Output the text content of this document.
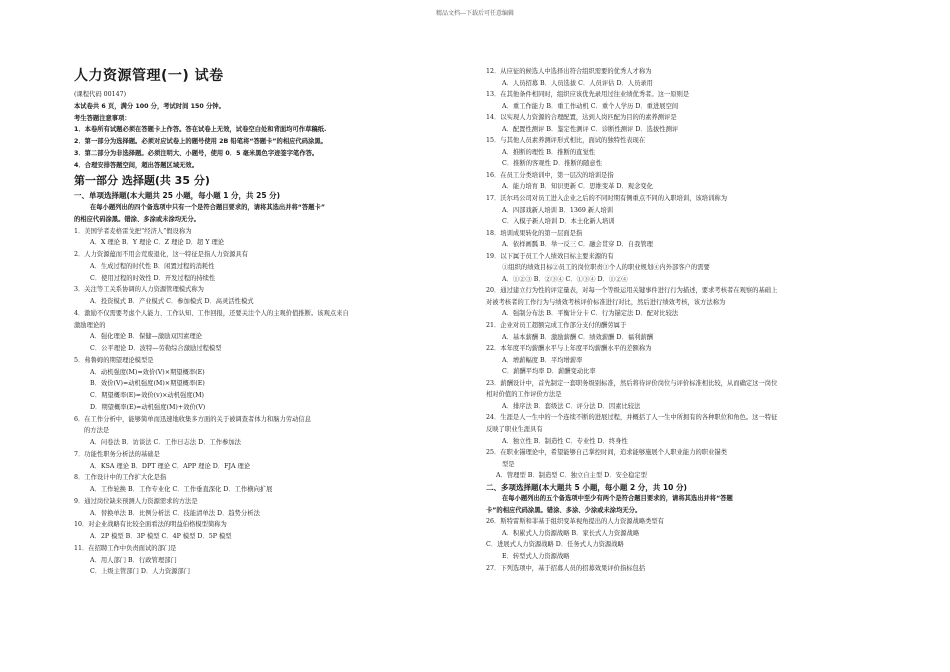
精品文档---下载后可任意编辑
人力资源管理(一) 试卷
(课程代码 00147)
本试卷共 6 页，满分 100 分，考试时间 150 分钟。
考生答题注意事项：
1．本卷所有试题必须在答题卡上作答。答在试卷上无效，试卷空白处和背面均可作草稿纸.
2．第一部分为选择题。必须对应试卷上的题号使用 2B 铅笔将“答题卡”的相应代码涂黑。
3．第二部分为非选择题。必须注明大、小题号，使用 0．5 毫米黑色字迹签字笔作答。
4．合理安排答题空间，超出答题区域无效。
第一部分 选择题(共 35 分)
一、单项选择题(本大题共 25 小题，每小题 1 分，共 25 分)
在每小题列出的四个备选项中只有一个是符合题目要求的，请将其选出并将“答题卡”
的相应代码涂黑。错涂、多涂或未涂均无分。
1．美国学者麦格雷戈把“经济人”假设称为
A．X 理论 B．Y 理论 C．Z 理论 D．超 Y 理论
2．人力资源蕴而不用会荒废退化，这一特征是指人力资源具有
A．生成过程的时代性 B．闲置过程的消耗性
C．使用过程的时效性 D．开发过程的持续性
3．关注等工关系协调的人力资源管理模式称为
A．投资模式 B．产业模式 C．参加模式 D．高灵活性模式
4．激励不仅需要考虑个人能力、工作认知、工作回报，还要关注个人的主观价值推断。该观点来自
激励理论的
A．强化理论 B．保健—激励双因素理论
C．公平理论 D．波特—劳勒综合激励过程模型
5．弗鲁姆的期望理论模型是
A．动机强度(M)=效价(V)×期望概率(E)
B．效价(V)=动机强度(M)×期望概率(E)
C．期望概率(E)=效价(v)×动机强度(M)
D．期望概率(E)=动机强度(M)+效价(V)
6．在工作分析中，能够简单而迅速地收集多方面的关于被调查者体力和脑力劳动信息
的方法是
A．问卷法 B．访谈法 C．工作日志法 D．工作参加法
7．功能性职务分析法的基础是
A．KSA 理论 B．DPT 理论 C．APP 理论 D．FJA 理论
8．工作设计中的工作扩大化是指
A．工作轮换 B．工作专业化 C．工作垂直深化 D．工作横向扩展
9．通过岗位缺来预测人力资源需求的方法是
A．替换单法 B．比例分析法 C．技能清单法 D．趋势分析法
10．对企业战略有比较全面看法的明益伯格模型简称为
A．2P 模型 B．3P 模型 C．4P 模型 D．5P 模型
11．在招聘工作中负责面试的部门是
A．用人部门 B．行政管理部门
C．上级主管部门 D．人力资源部门
12．从应征的候选人中选择出符合组织需要的优秀人才称为
A．人员招募 B．人员选拔 C．人员评估 D．人员录用
13．在其他条件相同时，组织应该优先录用过往业绩优秀者。这一原则是
A．重工作能力 B．重工作动机 C．重个人学历 D．重进展空间
14．以实现人力资源的合理配置，达到人岗匹配为目的的素养测评是
A．配置性测评 B．鉴定性测评 C．诊断性测评 D．选拔性测评
15．与其他人员素养测评形式相比，面试的独特性表现在
A．推断的理性 B．推断的直觉性
C．推断的客观性 D．推断的随意性
16．在员工分类培训中，第一层次的培训是指
A．能力培育 B．知识更新 C．思维变革 D．观念变化
17．沃尔玛公司对员工进入企业之后的不同时期有侧重点不同的入职培训，该培训称为
A．四部戏新人培训 B．1369 新人培训
C．入模子新人培训 D．本土化新人培训
18．培训成果转化的第一层面是指
A．依样画瓢 B．举一反三 C．融会贯穿 D．自我管理
19．以下属于员工个人绩效目标主要来源的有
①组织的绩效目标②员工的岗位职责③个人的职业规划④内外部客户的需要
A．①②③ B．②③④ C．①③④ D．①②④
20．通过建立行为性的评定量表，对每一个等级运用关键事件进行行为描述，要求考核者在观察的基础上
对被考核者的工作行为与绩效考核评价标准进行对比，然后进行绩效考核，该方法称为
A．强制分布法 B．平衡计分卡 C．行为锚定法 D．配对比较法
21．企业对员工超额完成工作部分支付的酬劳属于
A．基本薪酬 B．激励薪酬 C．绩效薪酬 D．福利薪酬
22．本年度平均薪酬水平与上年度平均薪酬水平的差额称为
A．增薪幅度 B．平均增薪率
C．薪酬平均率 D．薪酬变动比率
23．薪酬设计中，首先制定一套职务级别标准，然后将待评价岗位与评价标准相比较，从而确定这一岗位
相对价值的工作评价方法是
A．排序法 B．套级法 C．评分法 D．因素比较法
24．生涯是人一生中的一个连续不断的进展过程，并概括了人一生中所拥有的各种职位和角色。这一特征
反映了职业生涯具有
A．独立性 B．制造性 C．专业性 D．终身性
25．在职业锚理论中，希望能够自己掌控时间，追求能够施展个人职业能力的职业锚类
型是
A．管理型 B．制造型 C．独立自主型 D．安全稳定型
二、多项选择题(本大题共 5 小题，每小题 2 分，共 10 分)
在每小题列出的五个备选项中至少有两个是符合题目要求的，请将其选出并将“答题
卡”的相应代码涂黑。错涂、多涂、少涂或未涂均无分。
26．斯特雷斯和菲基于组织变革视角提出的人力资源战略类型有
A．积累式人力资源战略 B．家长式人力资源战略
C．进展式人力资源战略 D．任务式人力资源战略
E．转型式人力资源战略
27．下列选项中，基于招募人员的招募效果评价指标包括
